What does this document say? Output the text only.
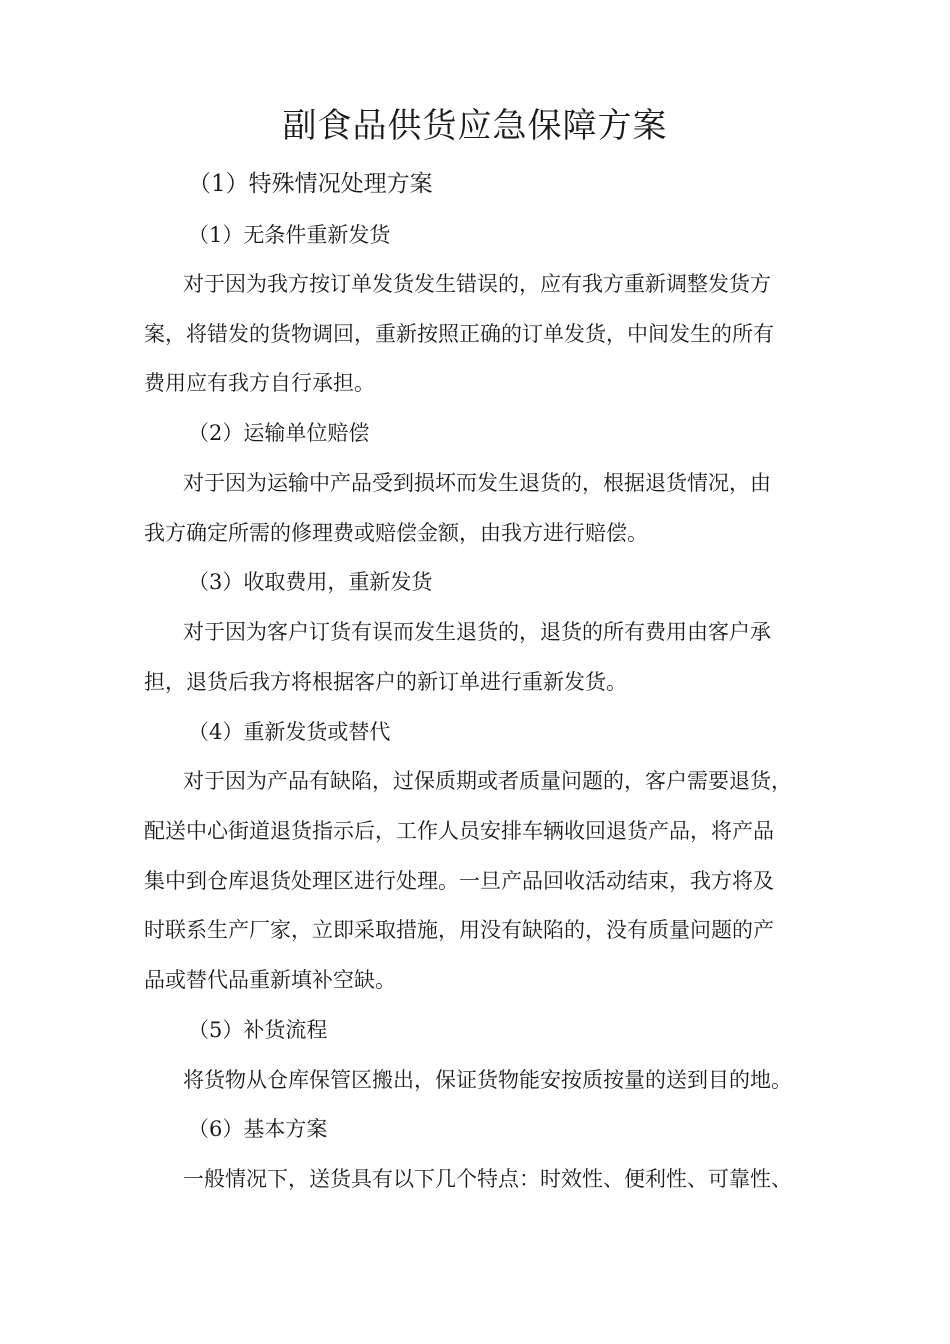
副食品供货应急保障方案
（1）特殊情况处理方案
（1）无条件重新发货
对于因为我方按订单发货发生错误的，应有我方重新调整发货方
案，将错发的货物调回，重新按照正确的订单发货，中间发生的所有
费用应有我方自行承担。
（2）运输单位赔偿
对于因为运输中产品受到损坏而发生退货的，根据退货情况，由
我方确定所需的修理费或赔偿金额，由我方进行赔偿。
（3）收取费用，重新发货
对于因为客户订货有误而发生退货的，退货的所有费用由客户承
担，退货后我方将根据客户的新订单进行重新发货。
（4）重新发货或替代
对于因为产品有缺陷，过保质期或者质量问题的，客户需要退货，
配送中心街道退货指示后，工作人员安排车辆收回退货产品，将产品
集中到仓库退货处理区进行处理。一旦产品回收活动结束，我方将及
时联系生产厂家，立即采取措施，用没有缺陷的，没有质量问题的产
品或替代品重新填补空缺。
（5）补货流程
将货物从仓库保管区搬出，保证货物能安按质按量的送到目的地。
（6）基本方案
一般情况下，送货具有以下几个特点：时效性、便利性、可靠性、
